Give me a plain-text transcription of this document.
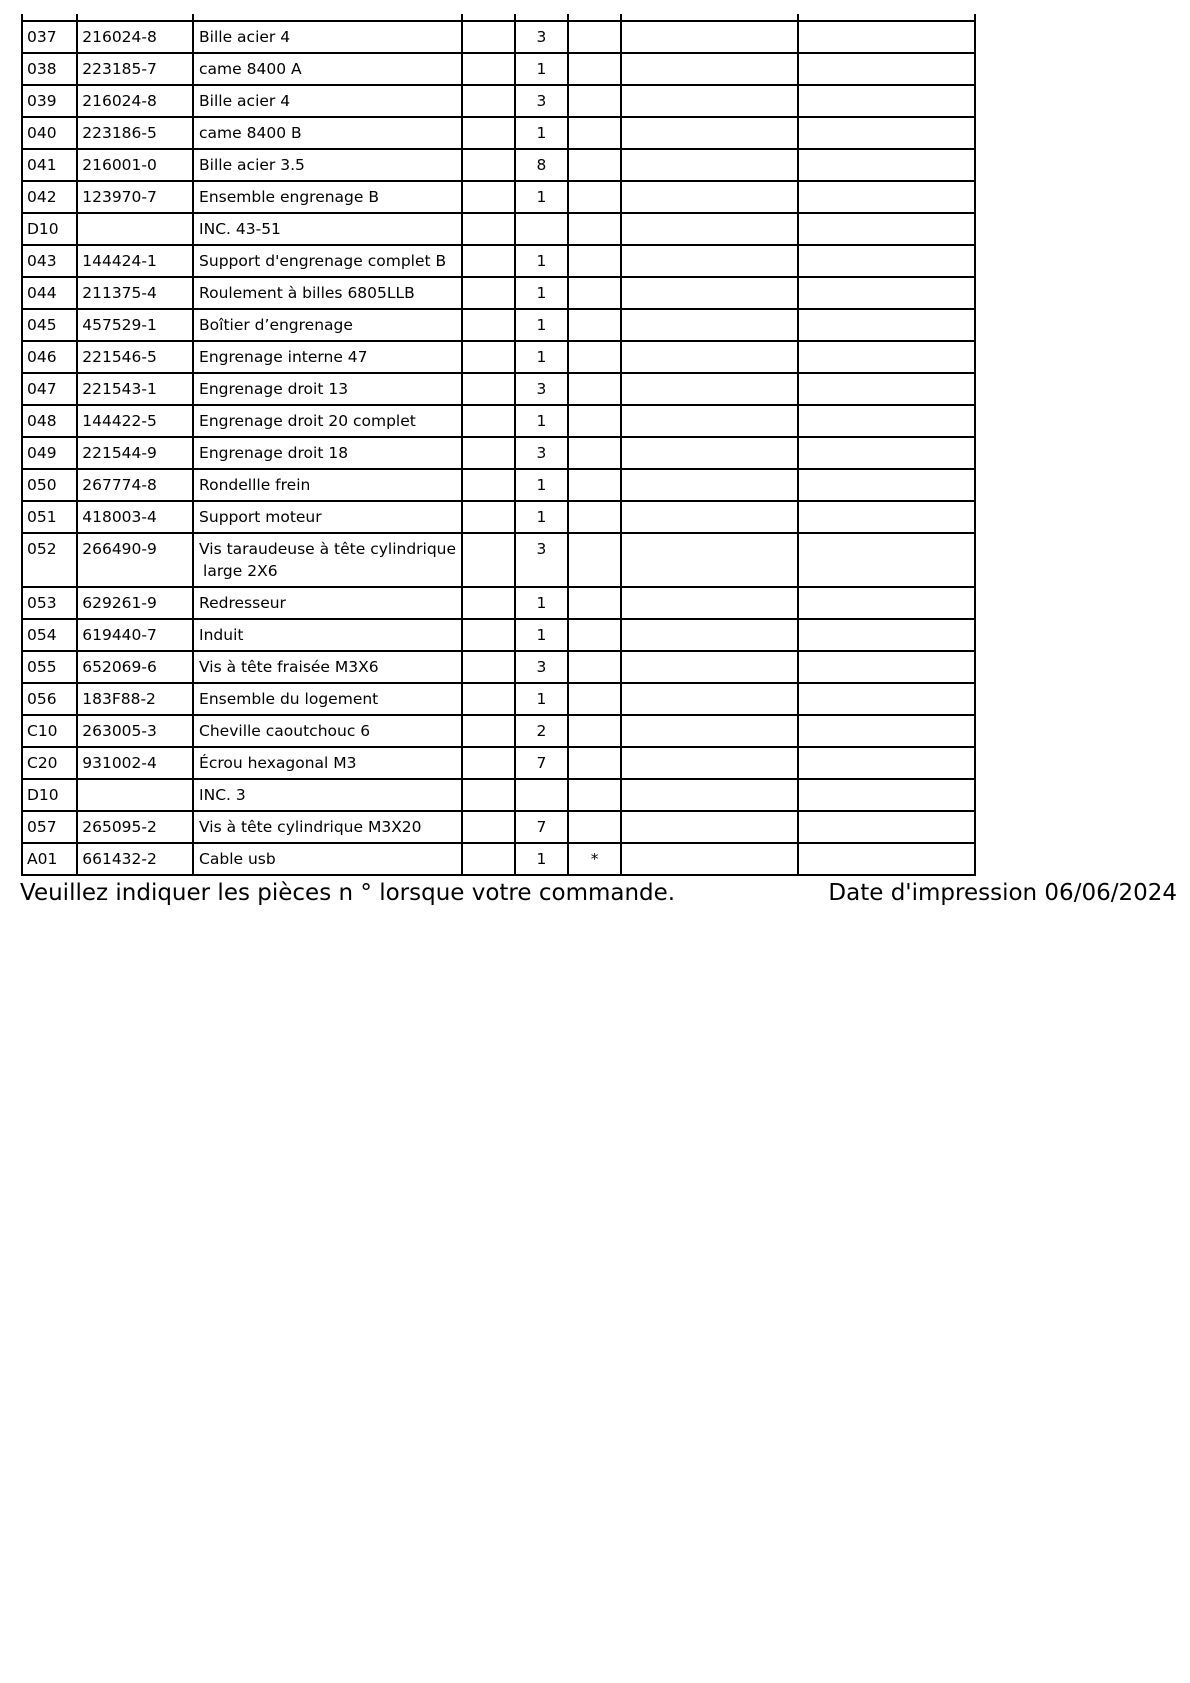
037	216024-8	Bille acier 4		3			
038	223185-7	came 8400 A		1			
039	216024-8	Bille acier 4		3			
040	223186-5	came 8400 B		1			
041	216001-0	Bille acier 3.5		8			
042	123970-7	Ensemble engrenage B		1			
D10		INC. 43-51					

043	144424-1	Support d'engrenage complet B		1			
044	211375-4	Roulement à billes 6805LLB		1			
045	457529-1	Boîtier d’engrenage		1			
046	221546-5	Engrenage interne 47		1			
047	221543-1	Engrenage droit 13		3			
048	144422-5	Engrenage droit 20 complet		1			
049	221544-9	Engrenage droit 18		3			
050	267774-8	Rondellle frein		1			
051	418003-4	Support moteur		1			
052	266490-9	Vis taraudeuse à tête cylindrique
large 2X6		3			
053	629261-9	Redresseur		1			
054	619440-7	Induit		1			
055	652069-6	Vis à tête fraisée M3X6		3			
056	183F88-2	Ensemble du logement		1			
C10	263005-3	Cheville caoutchouc 6		2			
C20	931002-4	Écrou hexagonal M3		7			
D10		INC. 3					

057	265095-2	Vis à tête cylindrique M3X20		7			
A01	661432-2	Cable usb		1	*		
Veuillez indiquer les pièces n ° lorsque votre commande.	Date d'impression 06/06/2024
